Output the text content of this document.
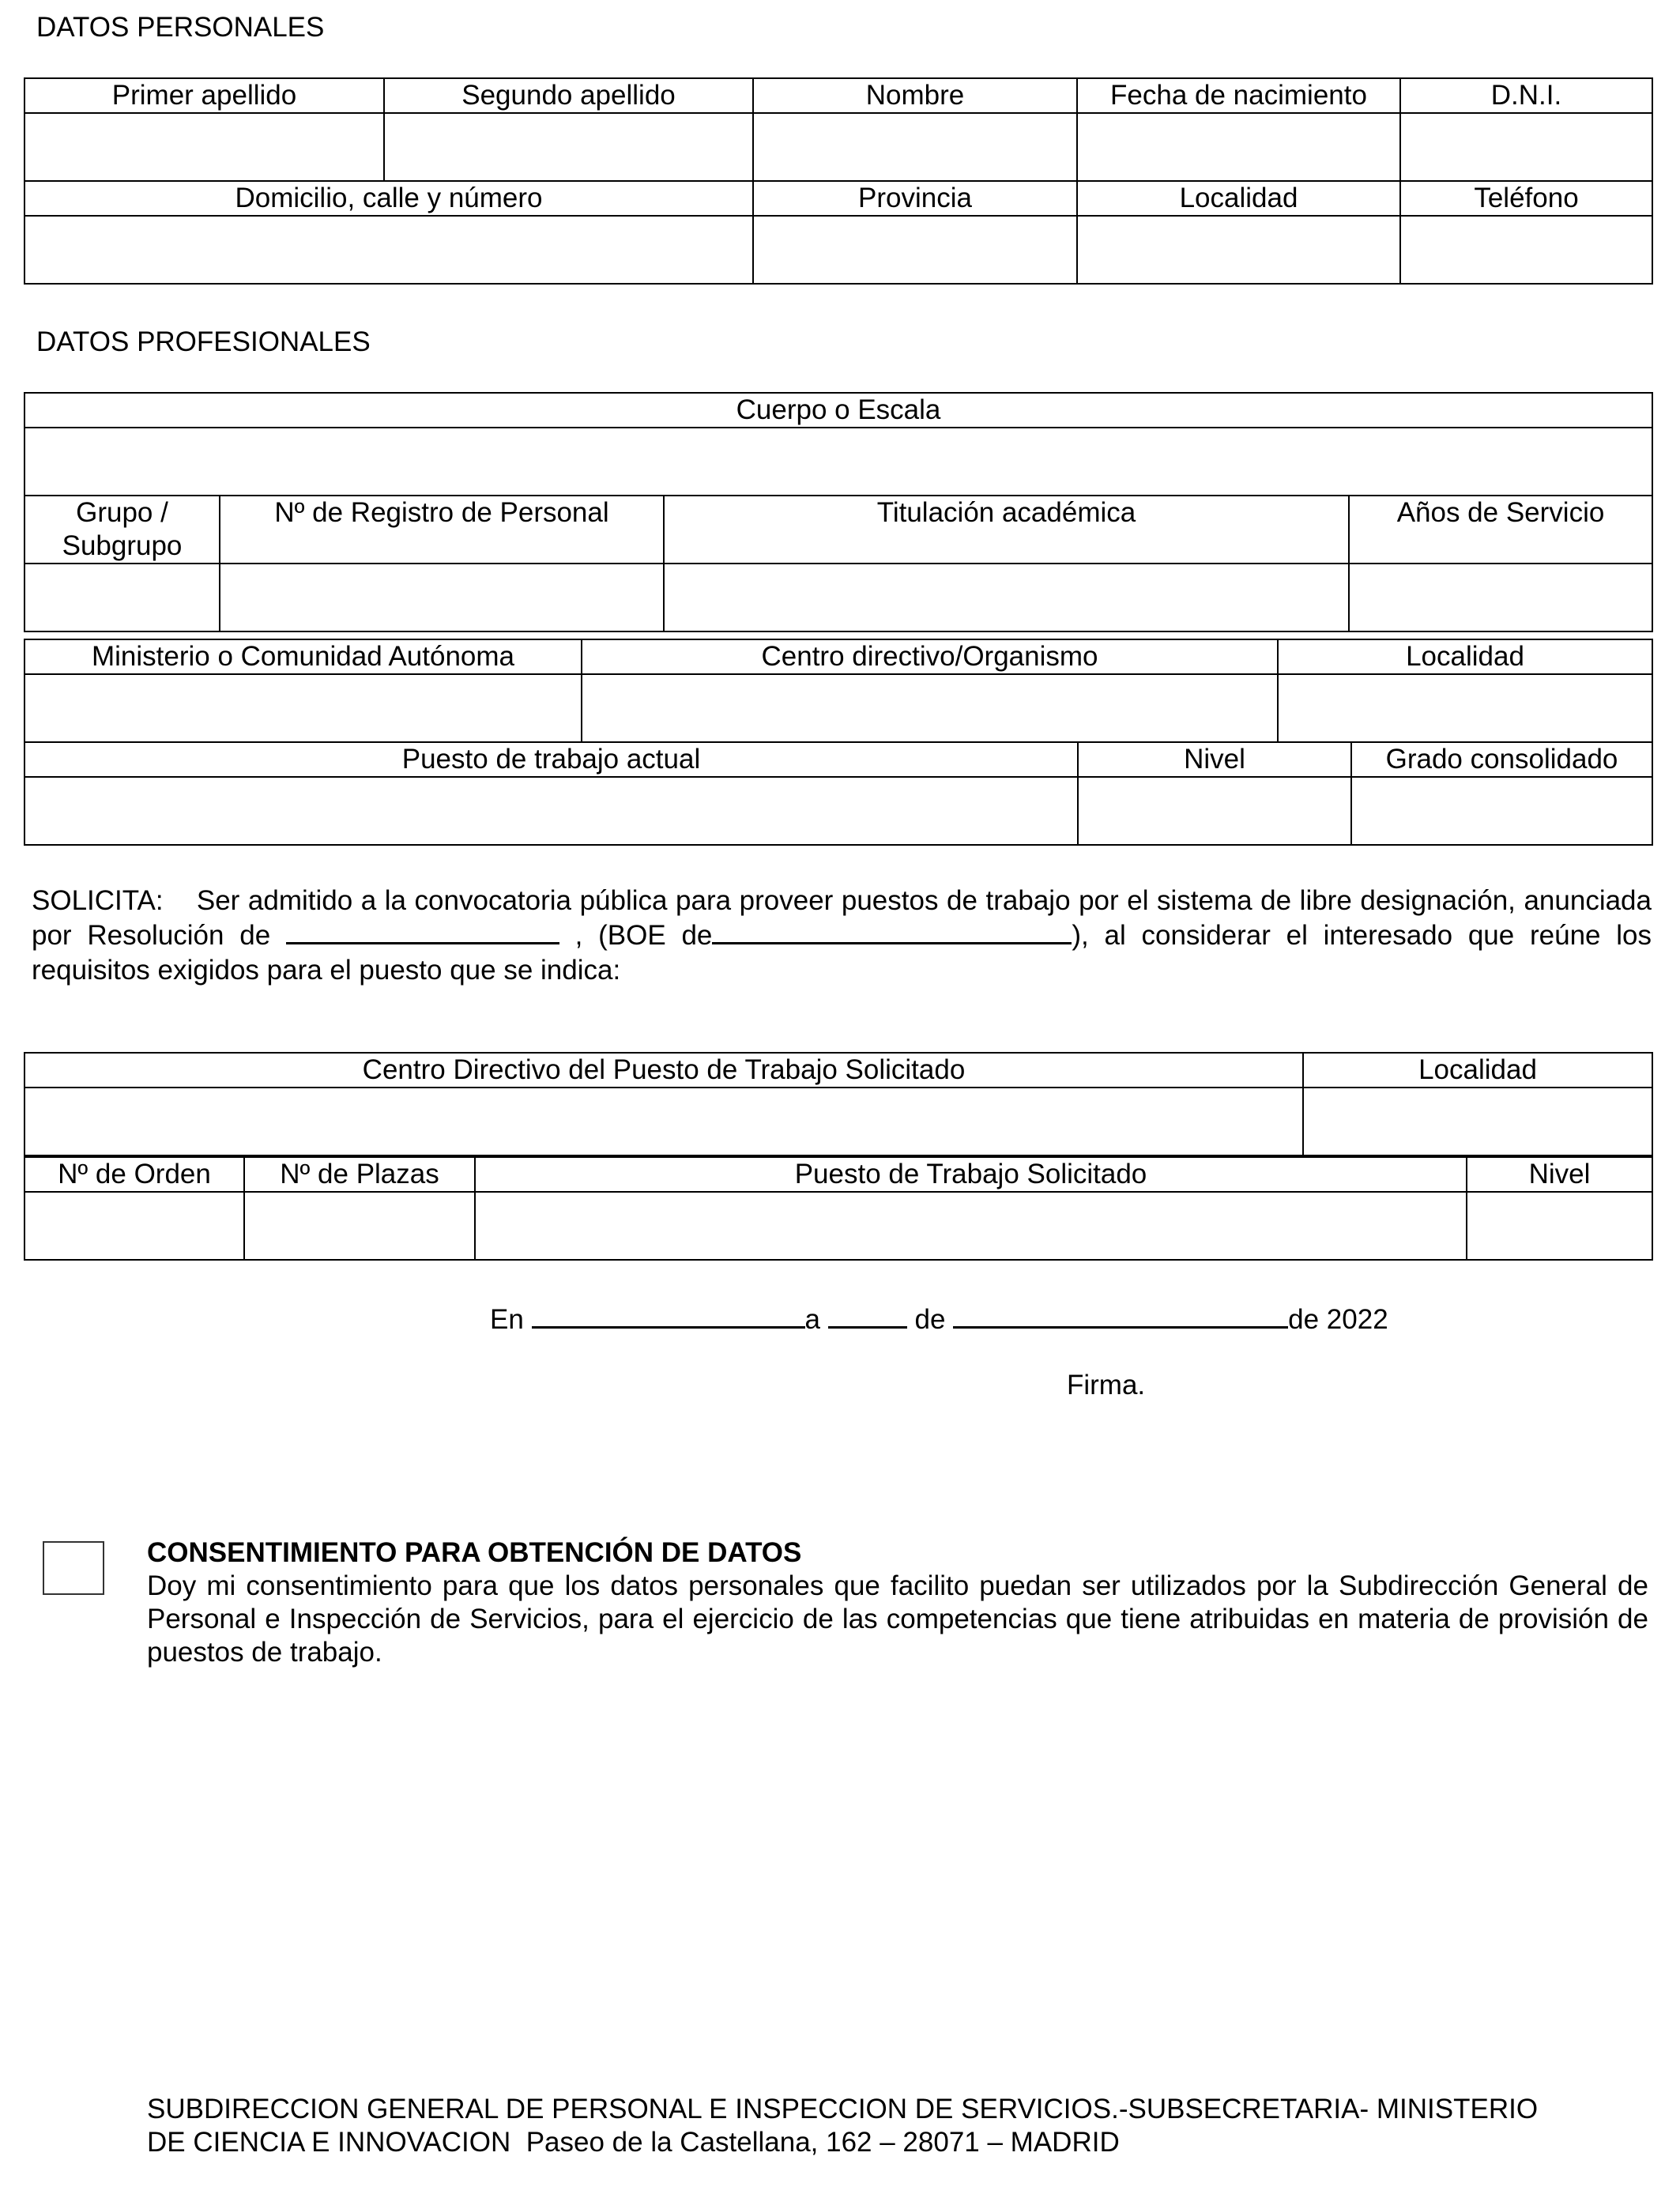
DATOS PERSONALES
Primer apellido	Segundo apellido	Nombre	Fecha de nacimiento	D.N.I.

Domicilio, calle y número		Provincia	Localidad	Teléfono

DATOS PROFESIONALES
Cuerpo o Escala			

Grupo / Subgrupo	Nº de Registro de Personal	Titulación académica	Años de Servicio

Ministerio o Comunidad Autónoma	Centro directivo/Organismo	Localidad

Puesto de trabajo actual	Nivel	Grado consolidado

SOLICITA: Ser admitido a la convocatoria pública para proveer puestos de trabajo por el sistema de libre designación, anunciada por Resolución de	, (BOE de	), al considerar el interesado que reúne los requisitos exigidos para el puesto que se indica:
Centro Directivo del Puesto de Trabajo Solicitado	Localidad

Nº de Orden	Nº de Plazas	Puesto de Trabajo Solicitado	Nivel

En	a	de	de 2022
Firma.
CONSENTIMIENTO PARA OBTENCIÓN DE DATOS
Doy mi consentimiento para que los datos personales que facilito puedan ser utilizados por la Subdirección General de Personal e Inspección de Servicios, para el ejercicio de las competencias que tiene atribuidas en materia de provisión de puestos de trabajo.
SUBDIRECCION GENERAL DE PERSONAL E INSPECCION DE SERVICIOS.-SUBSECRETARIA- MINISTERIO
DE CIENCIA E INNOVACION  Paseo de la Castellana, 162 – 28071 – MADRID
